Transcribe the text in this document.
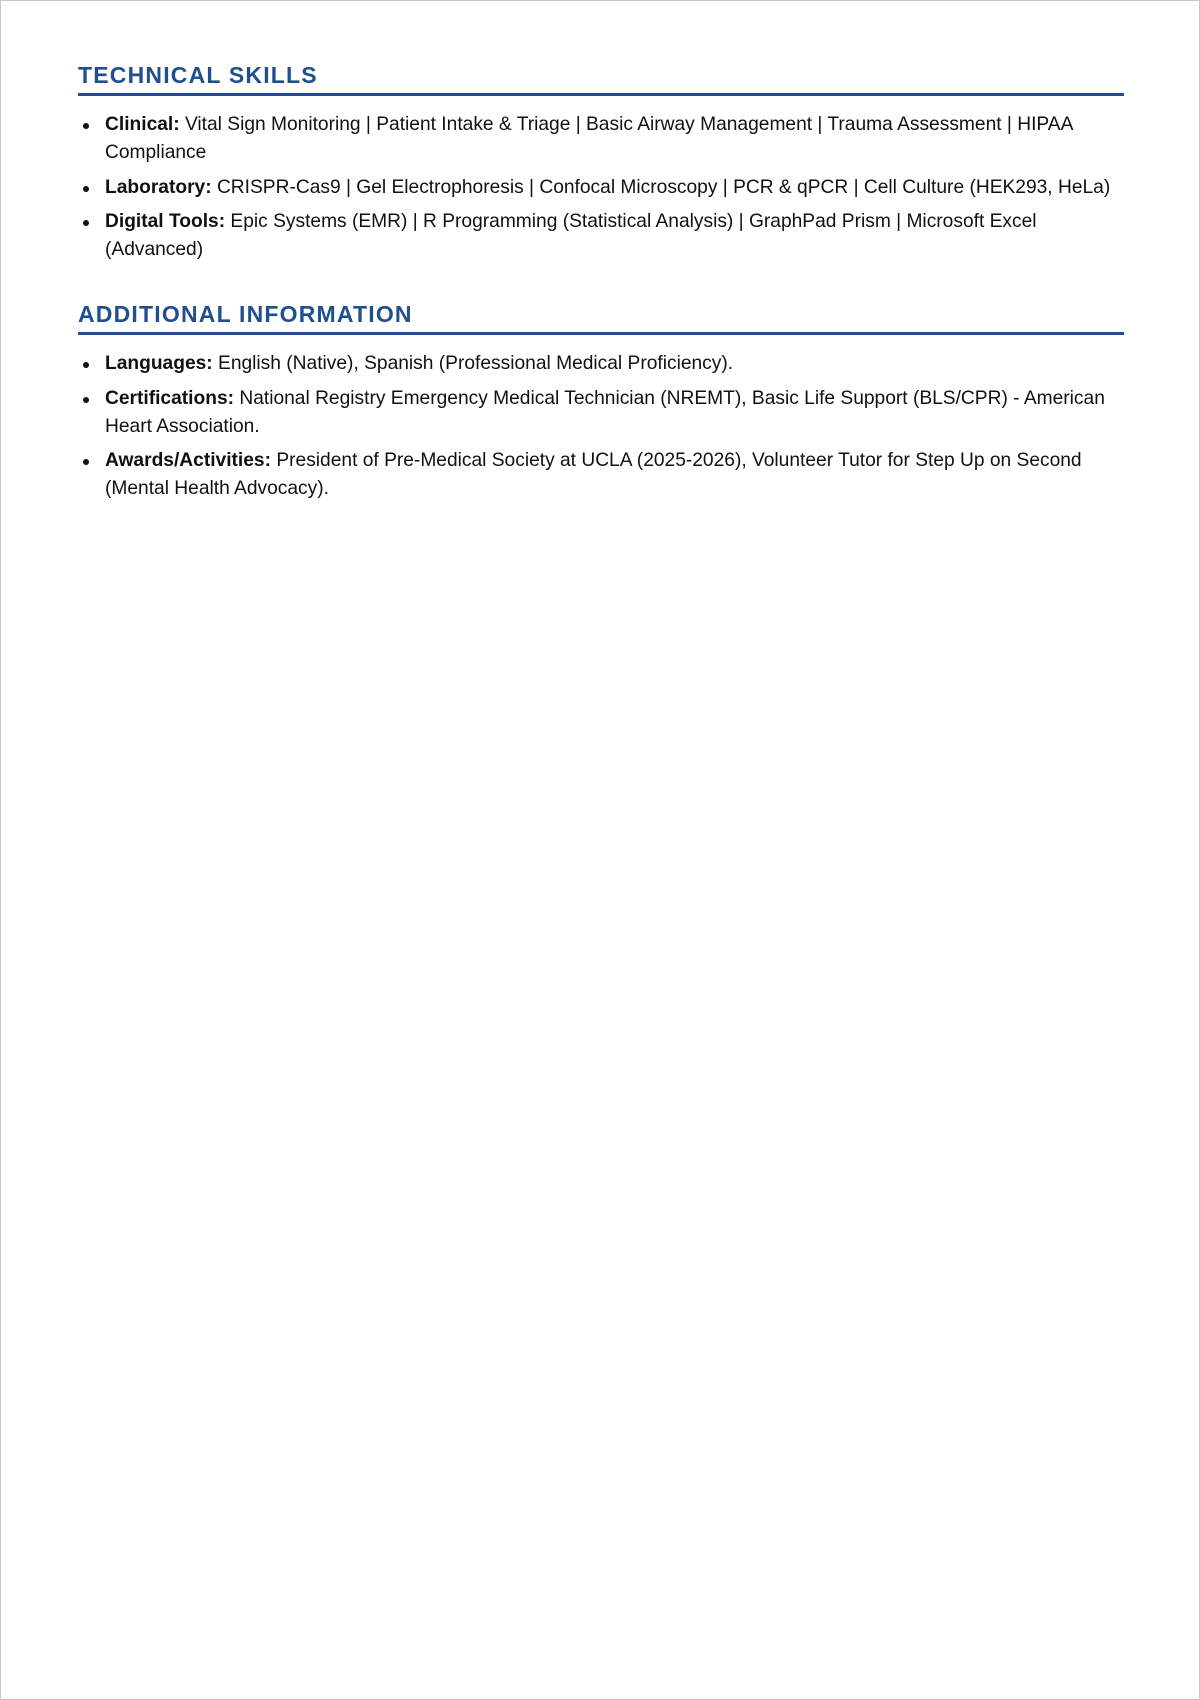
TECHNICAL SKILLS
Clinical: Vital Sign Monitoring | Patient Intake & Triage | Basic Airway Management | Trauma Assessment | HIPAA Compliance
Laboratory: CRISPR-Cas9 | Gel Electrophoresis | Confocal Microscopy | PCR & qPCR | Cell Culture (HEK293, HeLa)
Digital Tools: Epic Systems (EMR) | R Programming (Statistical Analysis) | GraphPad Prism | Microsoft Excel (Advanced)
ADDITIONAL INFORMATION
Languages: English (Native), Spanish (Professional Medical Proficiency).
Certifications: National Registry Emergency Medical Technician (NREMT), Basic Life Support (BLS/CPR) - American Heart Association.
Awards/Activities: President of Pre-Medical Society at UCLA (2025-2026), Volunteer Tutor for Step Up on Second (Mental Health Advocacy).
